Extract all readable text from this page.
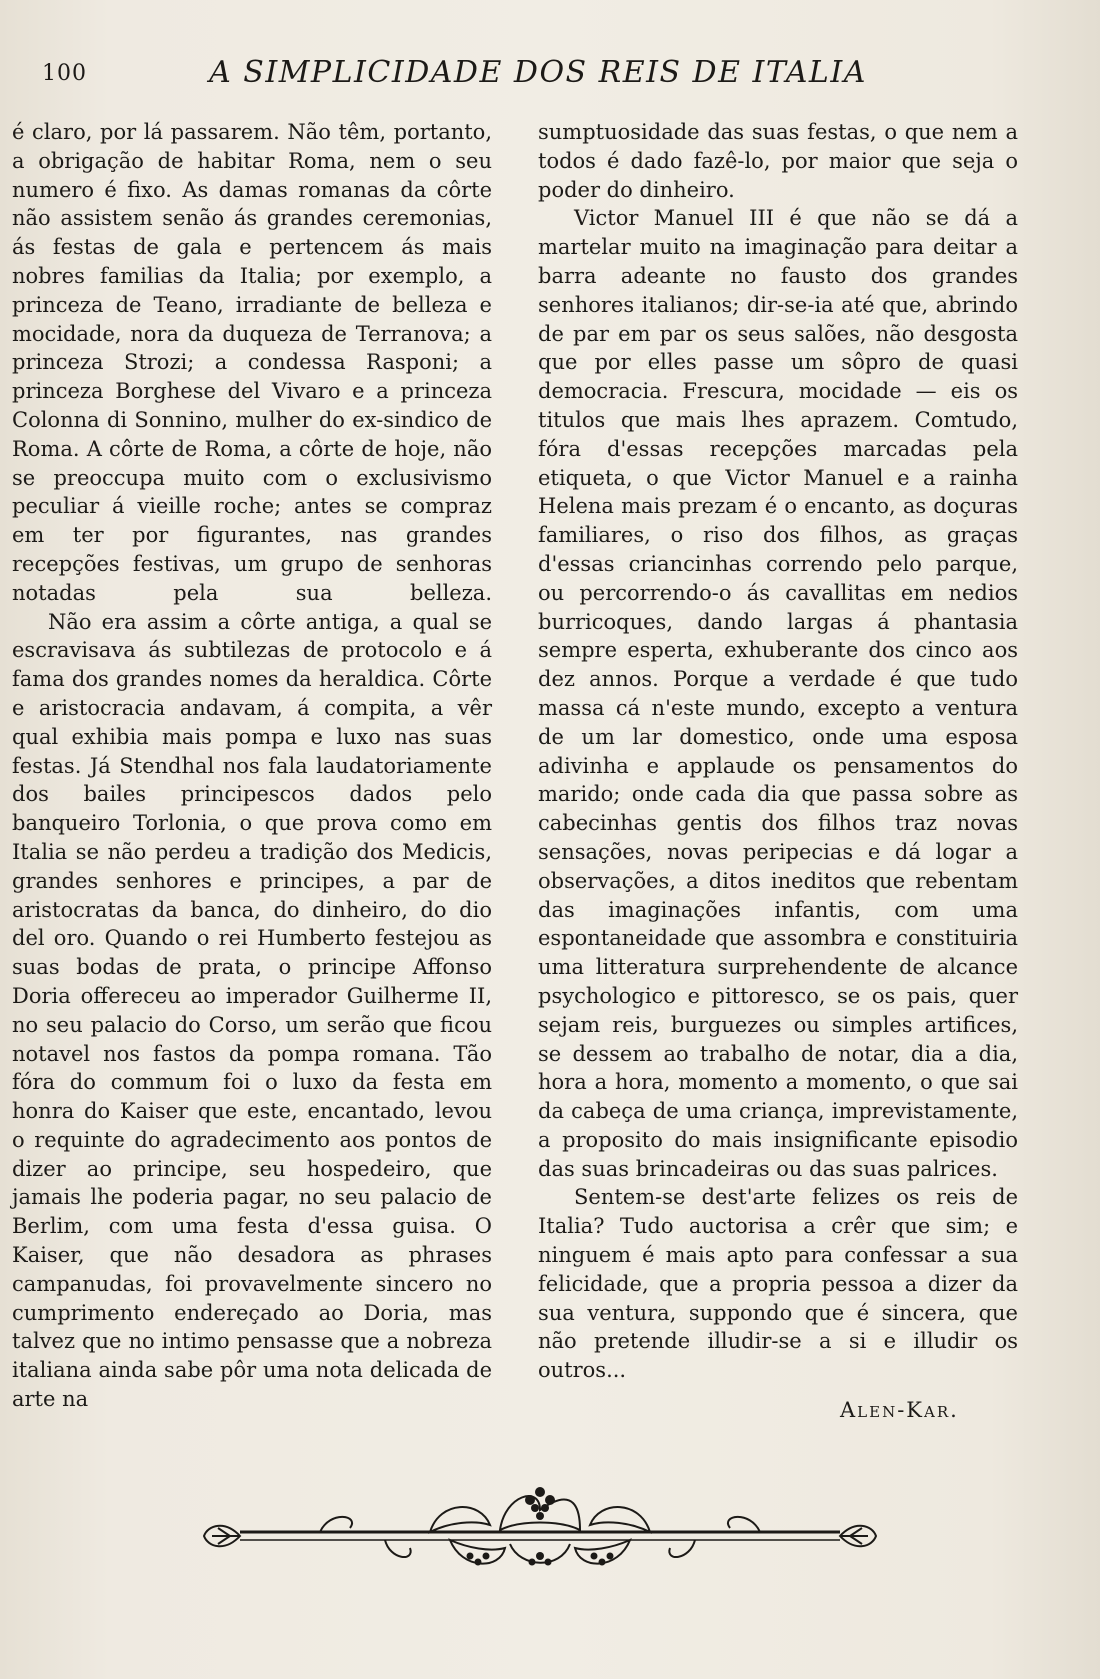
100	A SIMPLICIDADE DOS REIS DE ITALIA

é claro, por lá passarem. Não têm, portanto, a obrigação de habitar Roma, nem o seu numero é fixo. As damas romanas da côrte não assistem senão ás grandes ceremonias, ás festas de gala e pertencem ás mais nobres familias da Italia; por exemplo, a princeza de Teano, irradiante de belleza e mocidade, nora da duqueza de Terranova; a princeza Strozi; a condessa Rasponi; a princeza Borghese del Vivaro e a princeza Colonna di Sonnino, mulher do ex-sindico de Roma. A côrte de Roma, a côrte de hoje, não se preoccupa muito com o exclusivismo peculiar á vieille roche; antes se compraz em ter por figurantes, nas grandes recepções festivas, um grupo de senhoras notadas pela sua belleza.

Não era assim a côrte antiga, a qual se escravisava ás subtilezas de protocolo e á fama dos grandes nomes da heraldica. Côrte e aristocracia andavam, á compita, a vêr qual exhibia mais pompa e luxo nas suas festas. Já Stendhal nos fala laudatoriamente dos bailes principescos dados pelo banqueiro Torlonia, o que prova como em Italia se não perdeu a tradição dos Medicis, grandes senhores e principes, a par de aristocratas da banca, do dinheiro, do dio del oro. Quando o rei Humberto festejou as suas bodas de prata, o principe Affonso Doria offereceu ao imperador Guilherme II, no seu palacio do Corso, um serão que ficou notavel nos fastos da pompa romana. Tão fóra do commum foi o luxo da festa em honra do Kaiser que este, encantado, levou o requinte do agradecimento aos pontos de dizer ao principe, seu hospedeiro, que jamais lhe poderia pagar, no seu palacio de Berlim, com uma festa d'essa guisa. O Kaiser, que não desadora as phrases campanudas, foi provavelmente sincero no cumprimento endereçado ao Doria, mas talvez que no intimo pensasse que a nobreza italiana ainda sabe pôr uma nota delicada de arte na

sumptuosidade das suas festas, o que nem a todos é dado fazê-lo, por maior que seja o poder do dinheiro.

Victor Manuel III é que não se dá a martelar muito na imaginação para deitar a barra adeante no fausto dos grandes senhores italianos; dir-se-ia até que, abrindo de par em par os seus salões, não desgosta que por elles passe um sôpro de quasi democracia. Frescura, mocidade — eis os titulos que mais lhes aprazem. Comtudo, fóra d'essas recepções marcadas pela etiqueta, o que Victor Manuel e a rainha Helena mais prezam é o encanto, as doçuras familiares, o riso dos filhos, as graças d'essas criancinhas correndo pelo parque, ou percorrendo-o ás cavallitas em nedios burricoques, dando largas á phantasia sempre esperta, exhuberante dos cinco aos dez annos. Porque a verdade é que tudo massa cá n'este mundo, excepto a ventura de um lar domestico, onde uma esposa adivinha e applaude os pensamentos do marido; onde cada dia que passa sobre as cabecinhas gentis dos filhos traz novas sensações, novas peripecias e dá logar a observações, a ditos ineditos que rebentam das imaginações infantis, com uma espontaneidade que assombra e constituiria uma litteratura surprehendente de alcance psychologico e pittoresco, se os pais, quer sejam reis, burguezes ou simples artifices, se dessem ao trabalho de notar, dia a dia, hora a hora, momento a momento, o que sai da cabeça de uma criança, imprevistamente, a proposito do mais insignificante episodio das suas brincadeiras ou das suas palrices.

Sentem-se dest'arte felizes os reis de Italia? Tudo auctorisa a crêr que sim; e ninguem é mais apto para confessar a sua felicidade, que a propria pessoa a dizer da sua ventura, suppondo que é sincera, que não pretende illudir-se a si e illudir os outros...

Alen-Kar.
